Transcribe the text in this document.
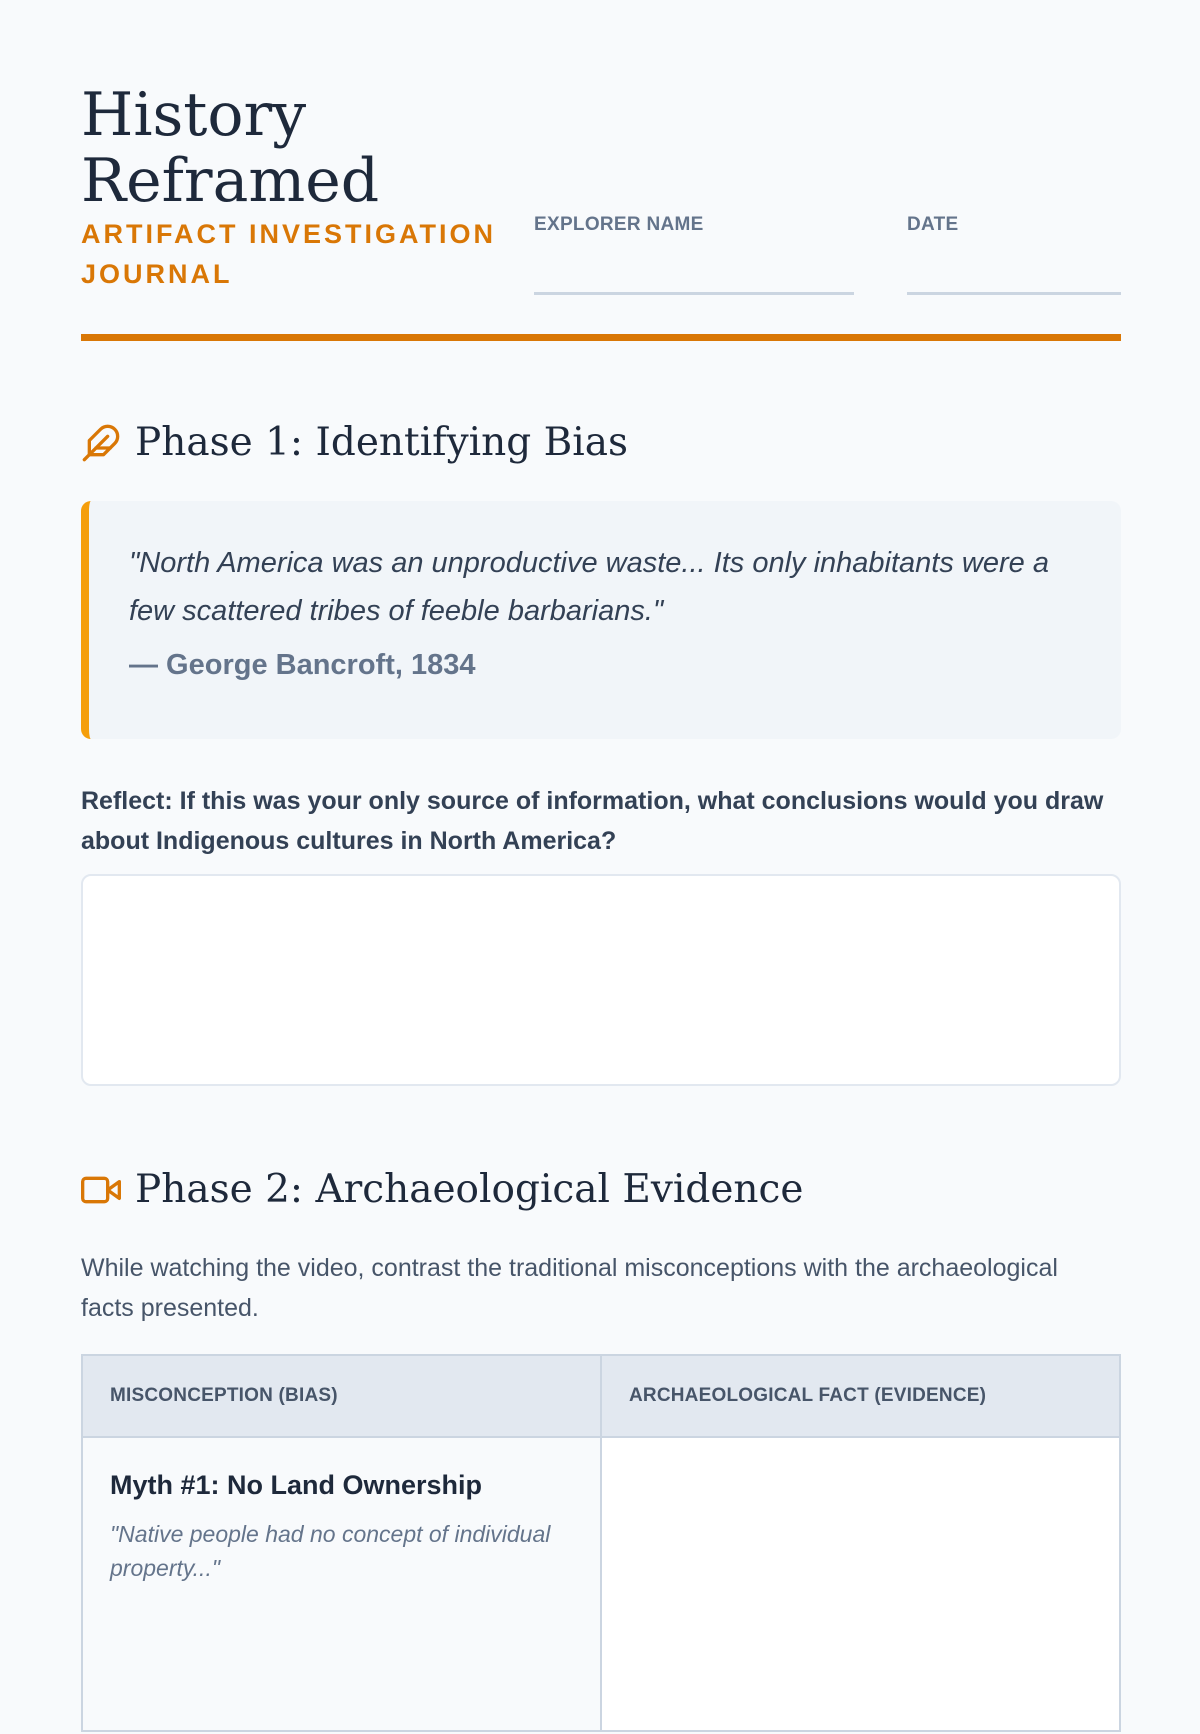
History Reframed
ARTIFACT INVESTIGATION JOURNAL
EXPLORER NAME	DATE
Phase 1: Identifying Bias

"North America was an unproductive waste... Its only inhabitants were a few scattered tribes of feeble barbarians."

— George Bancroft, 1834
Reflect: If this was your only source of information, what conclusions would you draw about Indigenous cultures in North America?
Phase 2: Archaeological Evidence
While watching the video, contrast the traditional misconceptions with the archaeological facts presented.
MISCONCEPTION (BIAS)	ARCHAEOLOGICAL FACT (EVIDENCE)

Myth #1: No Land Ownership

"Native people had no concept of individual property..."
